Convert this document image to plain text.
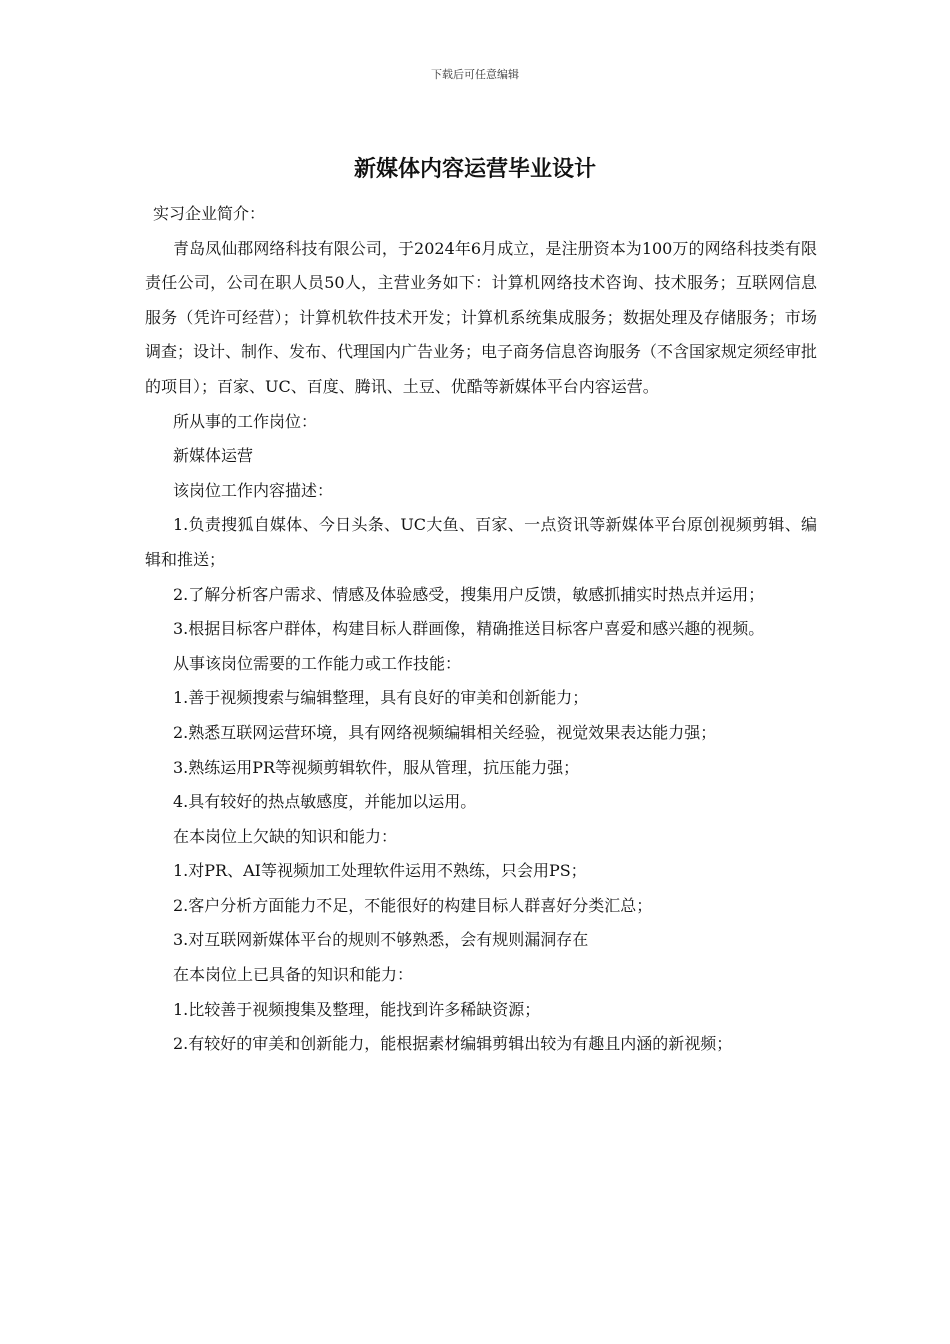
下载后可任意编辑
新媒体内容运营毕业设计

实习企业简介：

青岛凤仙郡网络科技有限公司，于2024年6月成立，是注册资本为100万的网络科技类有限责任公司，公司在职人员50人，主营业务如下：计算机网络技术咨询、技术服务；互联网信息服务（凭许可经营）；计算机软件技术开发；计算机系统集成服务；数据处理及存储服务；市场调查；设计、制作、发布、代理国内广告业务；电子商务信息咨询服务（不含国家规定须经审批的项目）；百家、UC、百度、腾讯、土豆、优酷等新媒体平台内容运营。

所从事的工作岗位：

新媒体运营

该岗位工作内容描述：

1.负责搜狐自媒体、今日头条、UC大鱼、百家、一点资讯等新媒体平台原创视频剪辑、编辑和推送；

2.了解分析客户需求、情感及体验感受，搜集用户反馈，敏感抓捕实时热点并运用；

3.根据目标客户群体，构建目标人群画像，精确推送目标客户喜爱和感兴趣的视频。

从事该岗位需要的工作能力或工作技能：

1.善于视频搜索与编辑整理，具有良好的审美和创新能力；

2.熟悉互联网运营环境，具有网络视频编辑相关经验，视觉效果表达能力强；

3.熟练运用PR等视频剪辑软件，服从管理，抗压能力强；

4.具有较好的热点敏感度，并能加以运用。

在本岗位上欠缺的知识和能力：

1.对PR、AI等视频加工处理软件运用不熟练，只会用PS；

2.客户分析方面能力不足，不能很好的构建目标人群喜好分类汇总；

3.对互联网新媒体平台的规则不够熟悉，会有规则漏洞存在

在本岗位上已具备的知识和能力：

1.比较善于视频搜集及整理，能找到许多稀缺资源；

2.有较好的审美和创新能力，能根据素材编辑剪辑出较为有趣且内涵的新视频；
